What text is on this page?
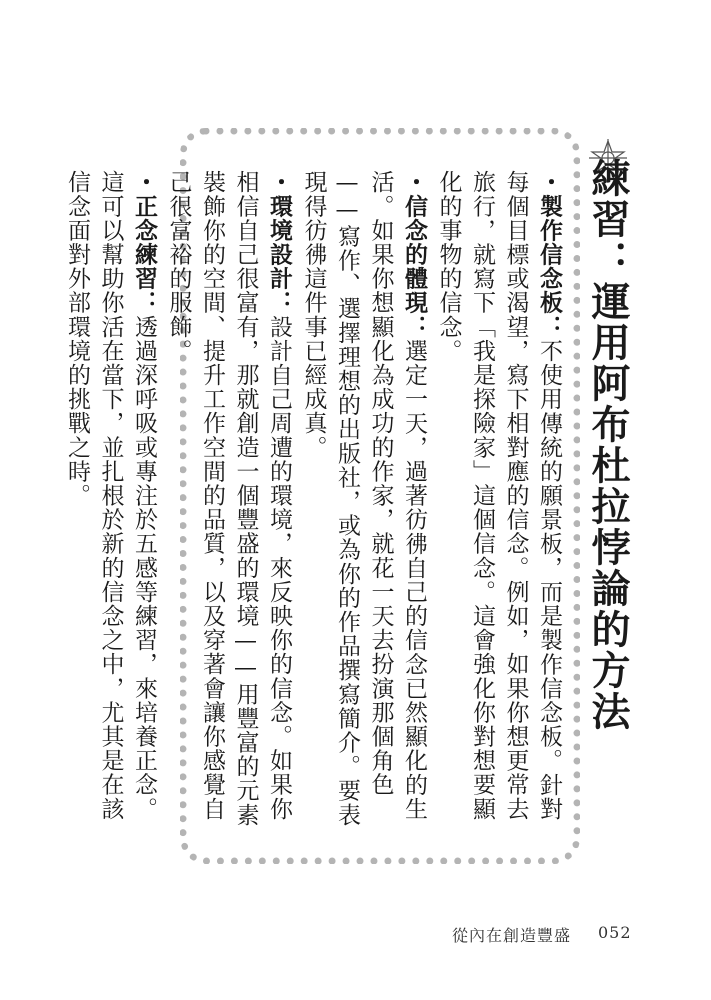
練習：運用阿布杜拉悖論的方法

・製作信念板：不使用傳統的願景板，而是製作信念板。針對每個目標或渴望，寫下相對應的信念。例如，如果你想更常去旅行，就寫下「我是探險家」這個信念。這會強化你對想要顯化的事物的信念。

・信念的體現：選定一天，過著彷彿自己的信念已然顯化的生活。如果你想顯化為成功的作家，就花一天去扮演那個角色——寫作、選擇理想的出版社，或為你的作品撰寫簡介。要表現得彷彿這件事已經成真。

・環境設計：設計自己周遭的環境，來反映你的信念。如果你相信自己很富有，那就創造一個豐盛的環境——用豐富的元素裝飾你的空間、提升工作空間的品質，以及穿著會讓你感覺自己很富裕的服飾。

・正念練習：透過深呼吸或專注於五感等練習，來培養正念。這可以幫助你活在當下，並扎根於新的信念之中，尤其是在該信念面對外部環境的挑戰之時。

從內在創造豐盛 052
